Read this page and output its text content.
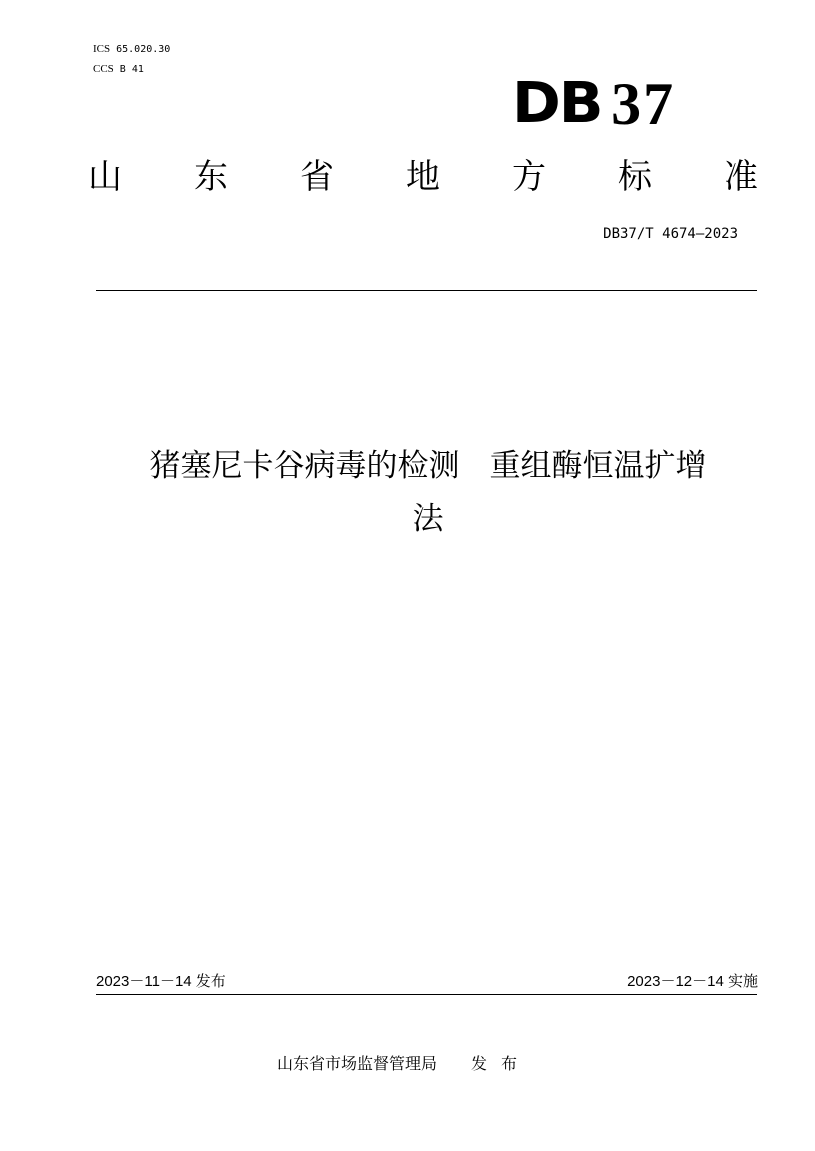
ICS 65.020.30
CCS B 41
DB 37
山 东 省 地 方 标 准
DB37/T 4674—2023
猪塞尼卡谷病毒的检测 重组酶恒温扩增
法
2023－11－14 发布	2023－12－14 实施
山东省市场监督管理局 发布
